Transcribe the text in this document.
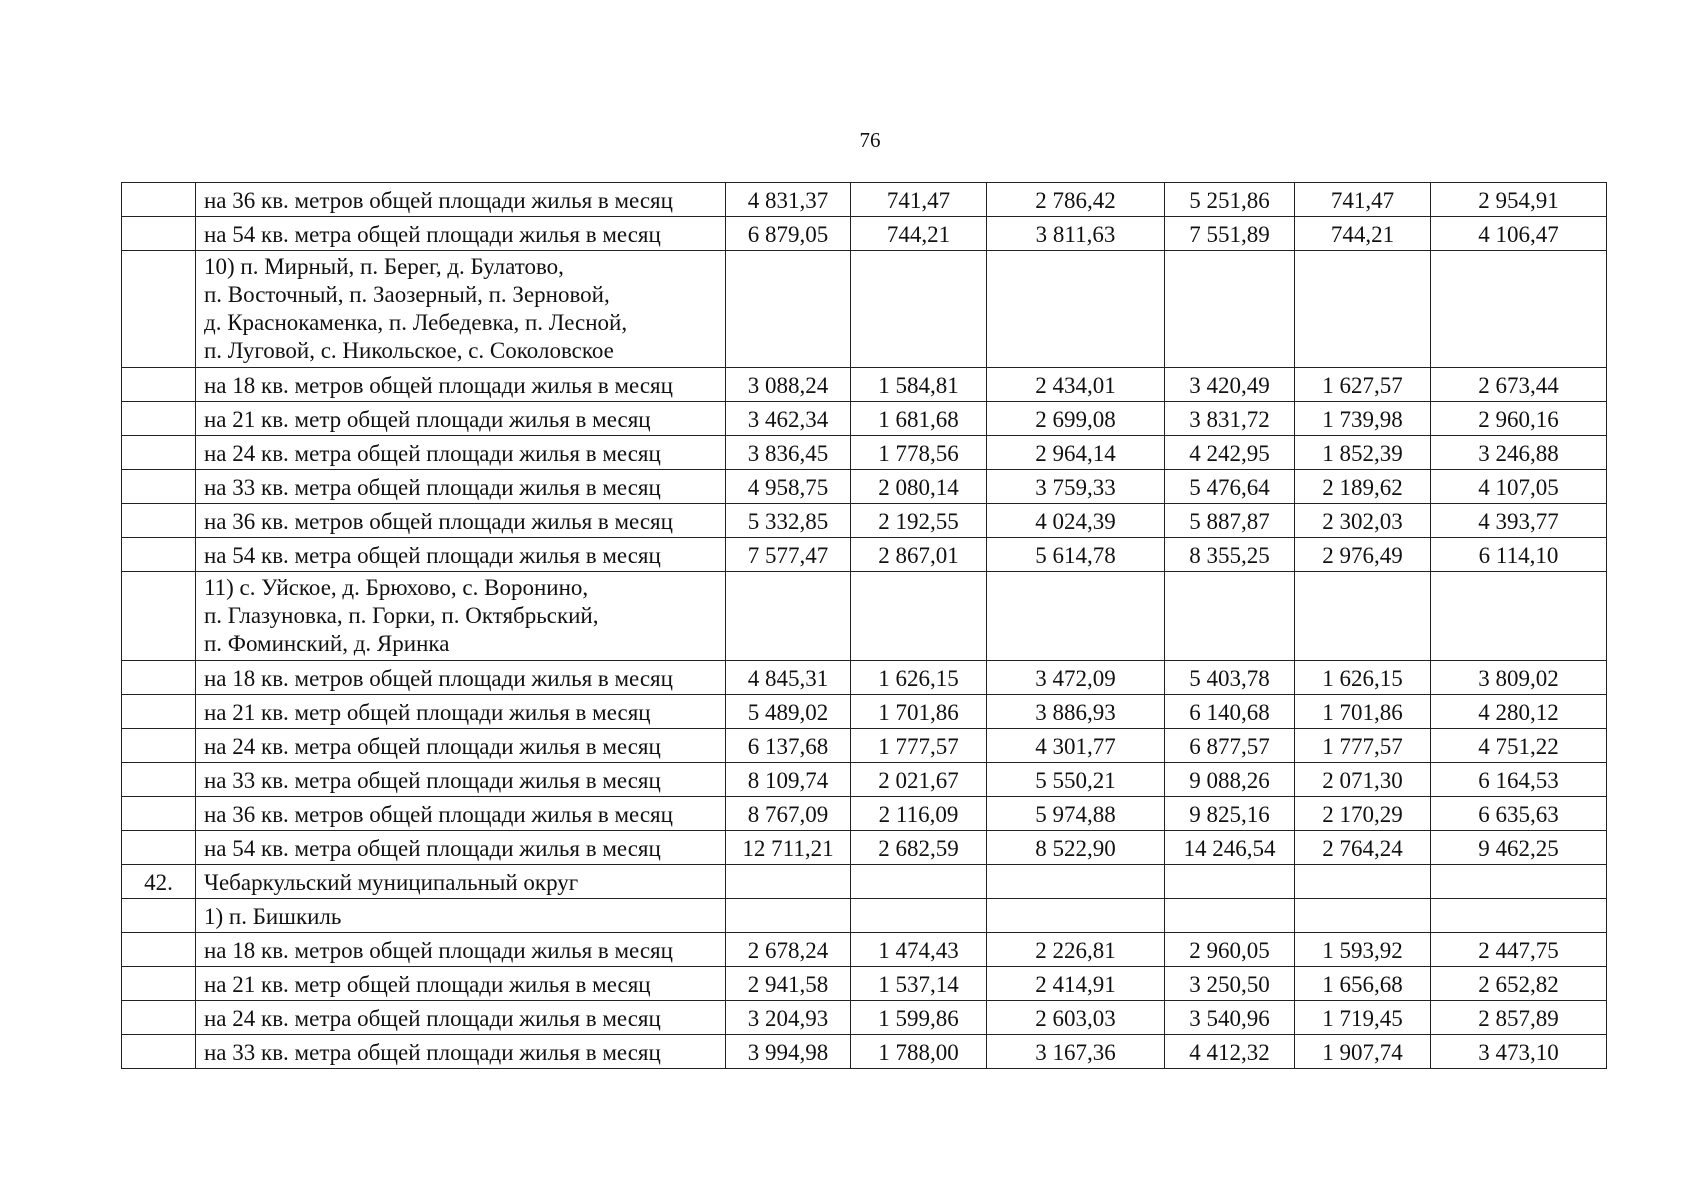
76
	на 36 кв. метров общей площади жилья в месяц	4 831,37	741,47	2 786,42	5 251,86	741,47	2 954,91
	на 54 кв. метра общей площади жилья в месяц	6 879,05	744,21	3 811,63	7 551,89	744,21	4 106,47
	10) п. Мирный, п. Берег, д. Булатово,
п. Восточный, п. Заозерный, п. Зерновой,
д. Краснокаменка, п. Лебедевка, п. Лесной,
п. Луговой, с. Никольское, с. Соколовское						
	на 18 кв. метров общей площади жилья в месяц	3 088,24	1 584,81	2 434,01	3 420,49	1 627,57	2 673,44
	на 21 кв. метр общей площади жилья в месяц	3 462,34	1 681,68	2 699,08	3 831,72	1 739,98	2 960,16
	на 24 кв. метра общей площади жилья в месяц	3 836,45	1 778,56	2 964,14	4 242,95	1 852,39	3 246,88
	на 33 кв. метра общей площади жилья в месяц	4 958,75	2 080,14	3 759,33	5 476,64	2 189,62	4 107,05
	на 36 кв. метров общей площади жилья в месяц	5 332,85	2 192,55	4 024,39	5 887,87	2 302,03	4 393,77
	на 54 кв. метра общей площади жилья в месяц	7 577,47	2 867,01	5 614,78	8 355,25	2 976,49	6 114,10
	11) с. Уйское, д. Брюхово, с. Воронино,
п. Глазуновка, п. Горки, п. Октябрьский,
п. Фоминский, д. Яринка						
	на 18 кв. метров общей площади жилья в месяц	4 845,31	1 626,15	3 472,09	5 403,78	1 626,15	3 809,02
	на 21 кв. метр общей площади жилья в месяц	5 489,02	1 701,86	3 886,93	6 140,68	1 701,86	4 280,12
	на 24 кв. метра общей площади жилья в месяц	6 137,68	1 777,57	4 301,77	6 877,57	1 777,57	4 751,22
	на 33 кв. метра общей площади жилья в месяц	8 109,74	2 021,67	5 550,21	9 088,26	2 071,30	6 164,53
	на 36 кв. метров общей площади жилья в месяц	8 767,09	2 116,09	5 974,88	9 825,16	2 170,29	6 635,63
	на 54 кв. метра общей площади жилья в месяц	12 711,21	2 682,59	8 522,90	14 246,54	2 764,24	9 462,25
42.	Чебаркульский муниципальный округ						
	1) п. Бишкиль						
	на 18 кв. метров общей площади жилья в месяц	2 678,24	1 474,43	2 226,81	2 960,05	1 593,92	2 447,75
	на 21 кв. метр общей площади жилья в месяц	2 941,58	1 537,14	2 414,91	3 250,50	1 656,68	2 652,82
	на 24 кв. метра общей площади жилья в месяц	3 204,93	1 599,86	2 603,03	3 540,96	1 719,45	2 857,89
	на 33 кв. метра общей площади жилья в месяц	3 994,98	1 788,00	3 167,36	4 412,32	1 907,74	3 473,10
